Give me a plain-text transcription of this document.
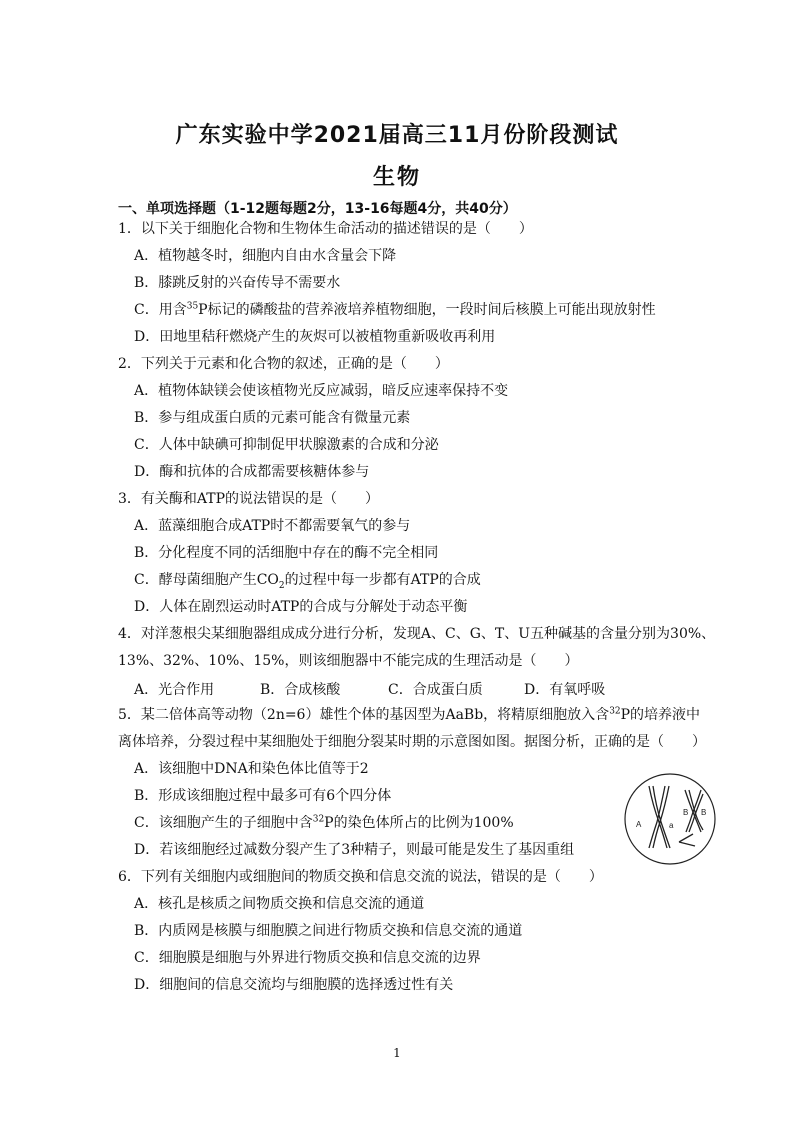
广东实验中学2021届高三11月份阶段测试
生物
一、单项选择题（1-12题每题2分，13-16每题4分，共40分）
1．以下关于细胞化合物和生物体生命活动的描述错误的是（　　）
A．植物越冬时，细胞内自由水含量会下降
B．膝跳反射的兴奋传导不需要水
C．用含$^{35}$P标记的磷酸盐的营养液培养植物细胞，一段时间后核膜上可能出现放射性
D．田地里秸秆燃烧产生的灰烬可以被植物重新吸收再利用
2．下列关于元素和化合物的叙述，正确的是（　　）
A．植物体缺镁会使该植物光反应减弱，暗反应速率保持不变
B．参与组成蛋白质的元素可能含有微量元素
C．人体中缺碘可抑制促甲状腺激素的合成和分泌
D．酶和抗体的合成都需要核糖体参与
3．有关酶和ATP的说法错误的是（　　）
A．蓝藻细胞合成ATP时不都需要氧气的参与
B．分化程度不同的活细胞中存在的酶不完全相同
C．酵母菌细胞产生$CO_2$的过程中每一步都有ATP的合成
D．人体在剧烈运动时ATP的合成与分解处于动态平衡
4．对洋葱根尖某细胞器组成成分进行分析，发现A、C、G、T、U五种碱基的含量分别为30%、
13%、32%、10%、15%，则该细胞器中不能完成的生理活动是（　　）
A．光合作用	B．合成核酸	C．合成蛋白质	D．有氧呼吸
5．某二倍体高等动物（2n=6）雄性个体的基因型为AaBb，将精原细胞放入含$^{32}$P的培养液中
离体培养，分裂过程中某细胞处于细胞分裂某时期的示意图如图。据图分析，正确的是（　　）
A．该细胞中DNA和染色体比值等于2
B．形成该细胞过程中最多可有6个四分体
C．该细胞产生的子细胞中含$^{32}$P的染色体所占的比例为100%
D．若该细胞经过减数分裂产生了3种精子，则最可能是发生了基因重组
A	a
B B
6．下列有关细胞内或细胞间的物质交换和信息交流的说法，错误的是（　　）
A．核孔是核质之间物质交换和信息交流的通道
B．内质网是核膜与细胞膜之间进行物质交换和信息交流的通道
C．细胞膜是细胞与外界进行物质交换和信息交流的边界
D．细胞间的信息交流均与细胞膜的选择透过性有关
1
